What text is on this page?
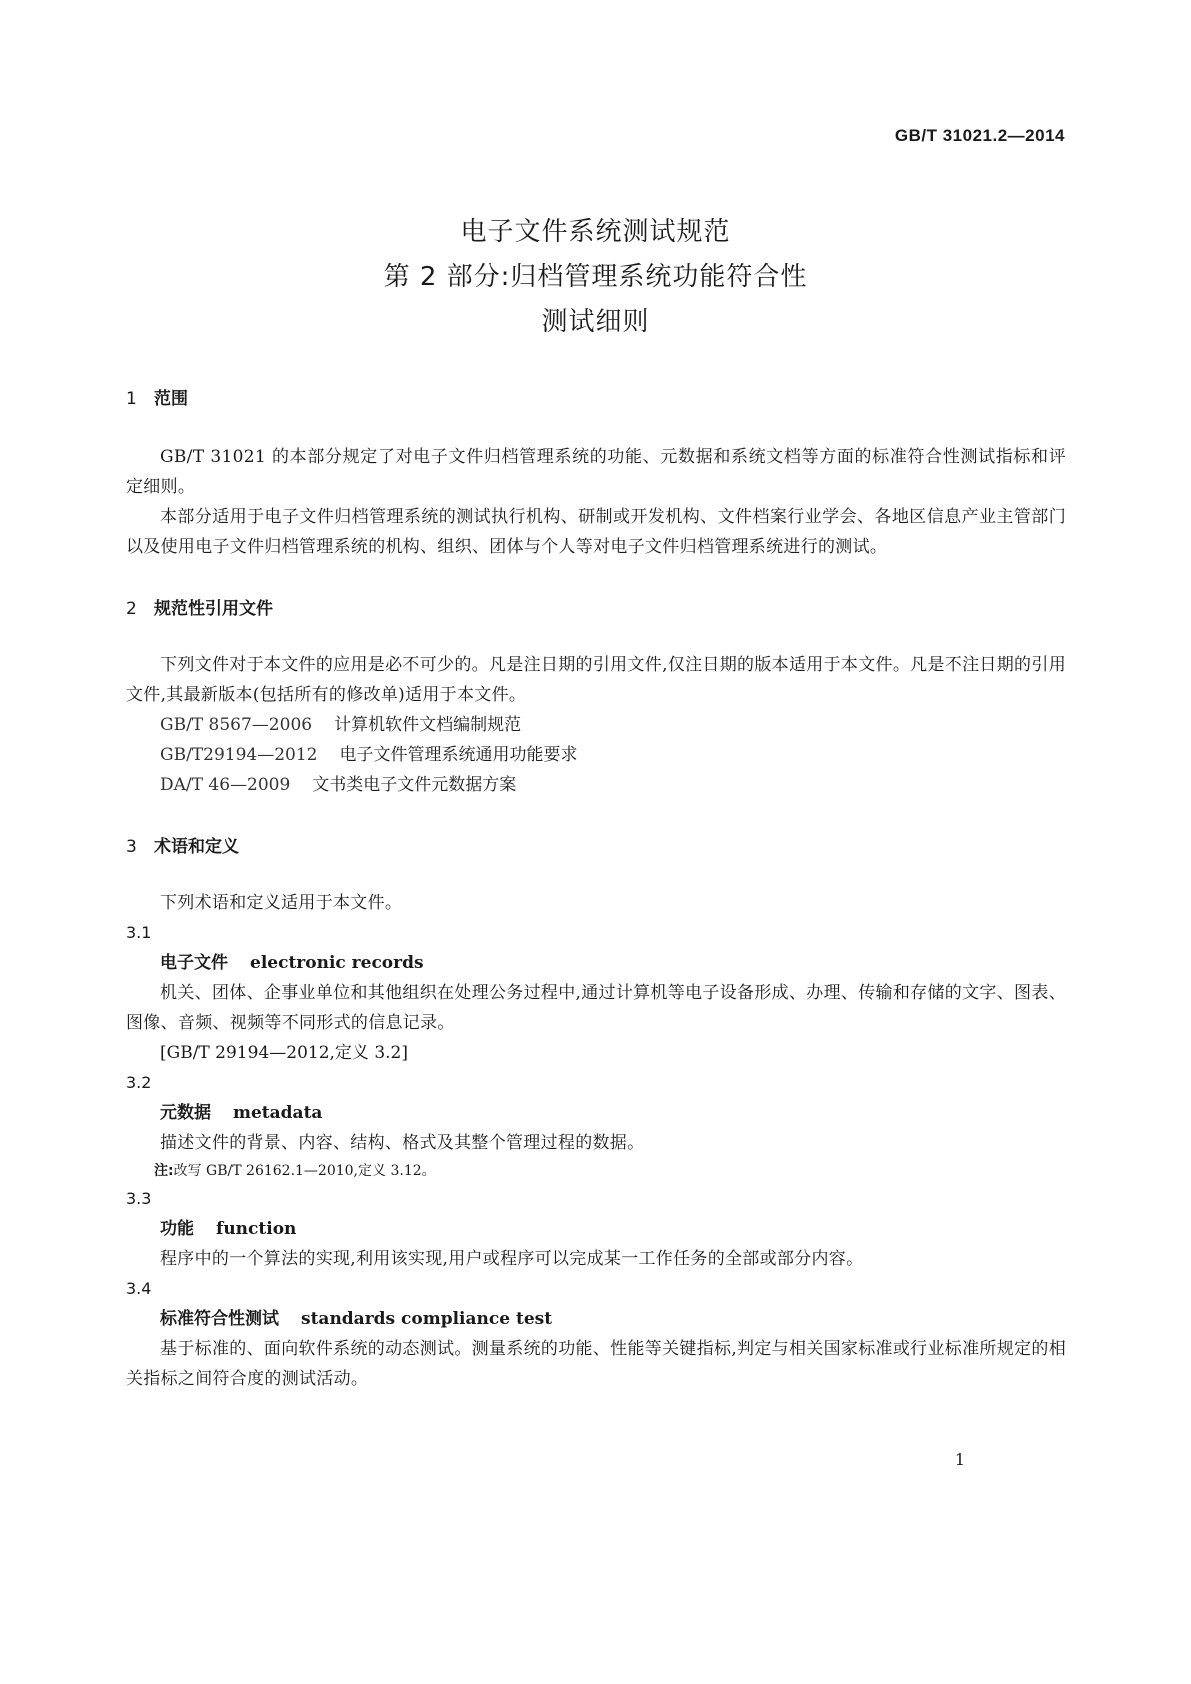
GB/T 31021.2—2014

电子文件系统测试规范

第 2 部分:归档管理系统功能符合性

测试细则

1 范围

GB/T 31021 的本部分规定了对电子文件归档管理系统的功能、元数据和系统文档等方面的标准符合性测试指标和评定细则。

本部分适用于电子文件归档管理系统的测试执行机构、研制或开发机构、文件档案行业学会、各地区信息产业主管部门以及使用电子文件归档管理系统的机构、组织、团体与个人等对电子文件归档管理系统进行的测试。

2 规范性引用文件

下列文件对于本文件的应用是必不可少的。凡是注日期的引用文件,仅注日期的版本适用于本文件。凡是不注日期的引用文件,其最新版本(包括所有的修改单)适用于本文件。

GB/T 8567—2006 计算机软件文档编制规范

GB/T29194—2012 电子文件管理系统通用功能要求

DA/T 46—2009 文书类电子文件元数据方案

3 术语和定义

下列术语和定义适用于本文件。

3.1

电子文件 electronic records

机关、团体、企事业单位和其他组织在处理公务过程中,通过计算机等电子设备形成、办理、传输和存储的文字、图表、图像、音频、视频等不同形式的信息记录。

[GB/T 29194—2012,定义 3.2]

3.2

元数据 metadata

描述文件的背景、内容、结构、格式及其整个管理过程的数据。

注:改写 GB/T 26162.1—2010,定义 3.12。

3.3

功能 function

程序中的一个算法的实现,利用该实现,用户或程序可以完成某一工作任务的全部或部分内容。

3.4

标准符合性测试 standards compliance test

基于标准的、面向软件系统的动态测试。测量系统的功能、性能等关键指标,判定与相关国家标准或行业标准所规定的相关指标之间符合度的测试活动。

1
